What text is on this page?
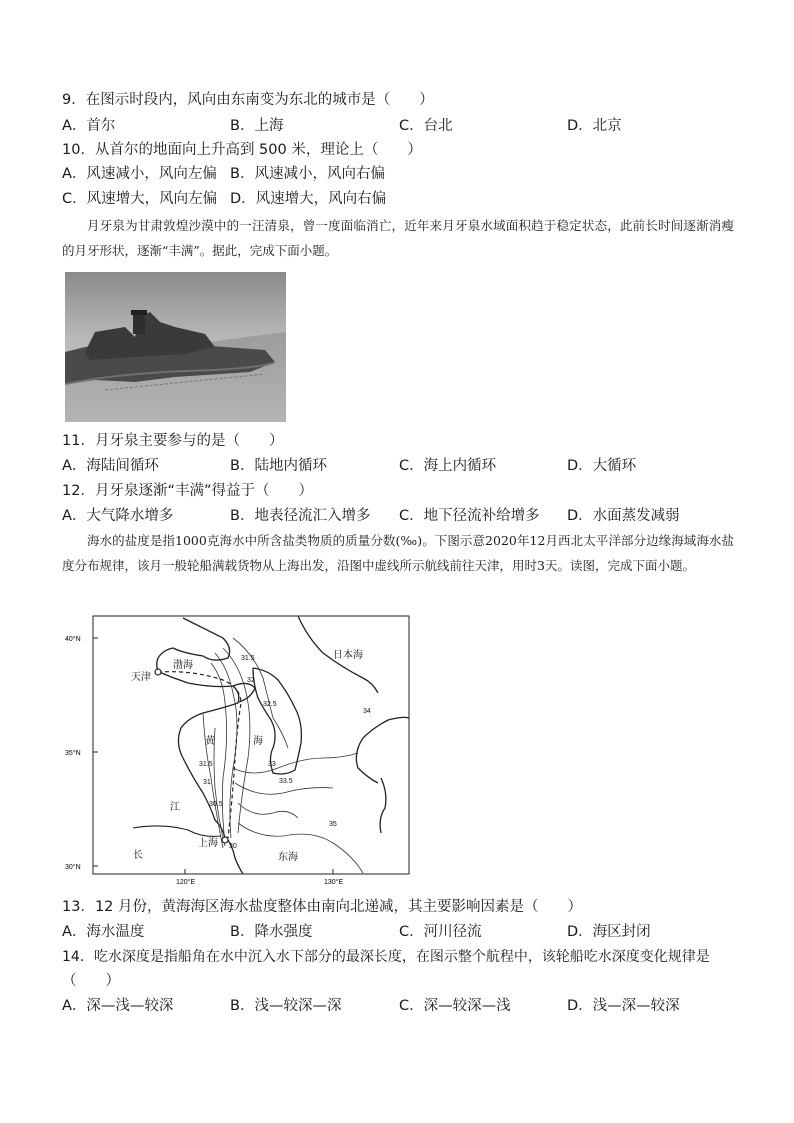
9．在图示时段内，风向由东南变为东北的城市是（　　）
A．首尔	B．上海	C．台北	D．北京
10．从首尔的地面向上升高到 500 米，理论上（　　）
A．风速减小，风向左偏 B．风速减小，风向右偏
C．风速增大，风向左偏 D．风速增大，风向右偏
月牙泉为甘肃敦煌沙漠中的一汪清泉，曾一度面临消亡，近年来月牙泉水域面积趋于稳定状态，此前长时间逐渐消瘦的月牙形状，逐渐“丰满”。据此，完成下面小题。
11．月牙泉主要参与的是（　　）
A．海陆间循环	B．陆地内循环	C．海上内循环	D．大循环
12．月牙泉逐渐“丰满”得益于（　　）
A．大气降水增多	B．地表径流汇入增多 C．地下径流补给增多 D．水面蒸发减弱
海水的盐度是指1000克海水中所含盐类物质的质量分数(‰)。下图示意2020年12月西北太平洋部分边缘海域海水盐度分布规律，该月一般轮船满载货物从上海出发，沿图中虚线所示航线前往天津，用时3天。读图，完成下面小题。
40°N
35°N
30°N
120°E	130°E
渤海
天津
日本海
黄	海
江
长
上海
东海
31.5
32
32.5
33
33.5
34
35
31.5
31
30.5
30
13．12 月份，黄海海区海水盐度整体由南向北递减，其主要影响因素是（　　）
A．海水温度	B．降水强度	C．河川径流	D．海区封闭
14．吃水深度是指船角在水中沉入水下部分的最深长度，在图示整个航程中，该轮船吃水深度变化规律是
（　　）
A．深—浅—较深	B．浅—较深—深	C．深—较深—浅	D．浅—深—较深
